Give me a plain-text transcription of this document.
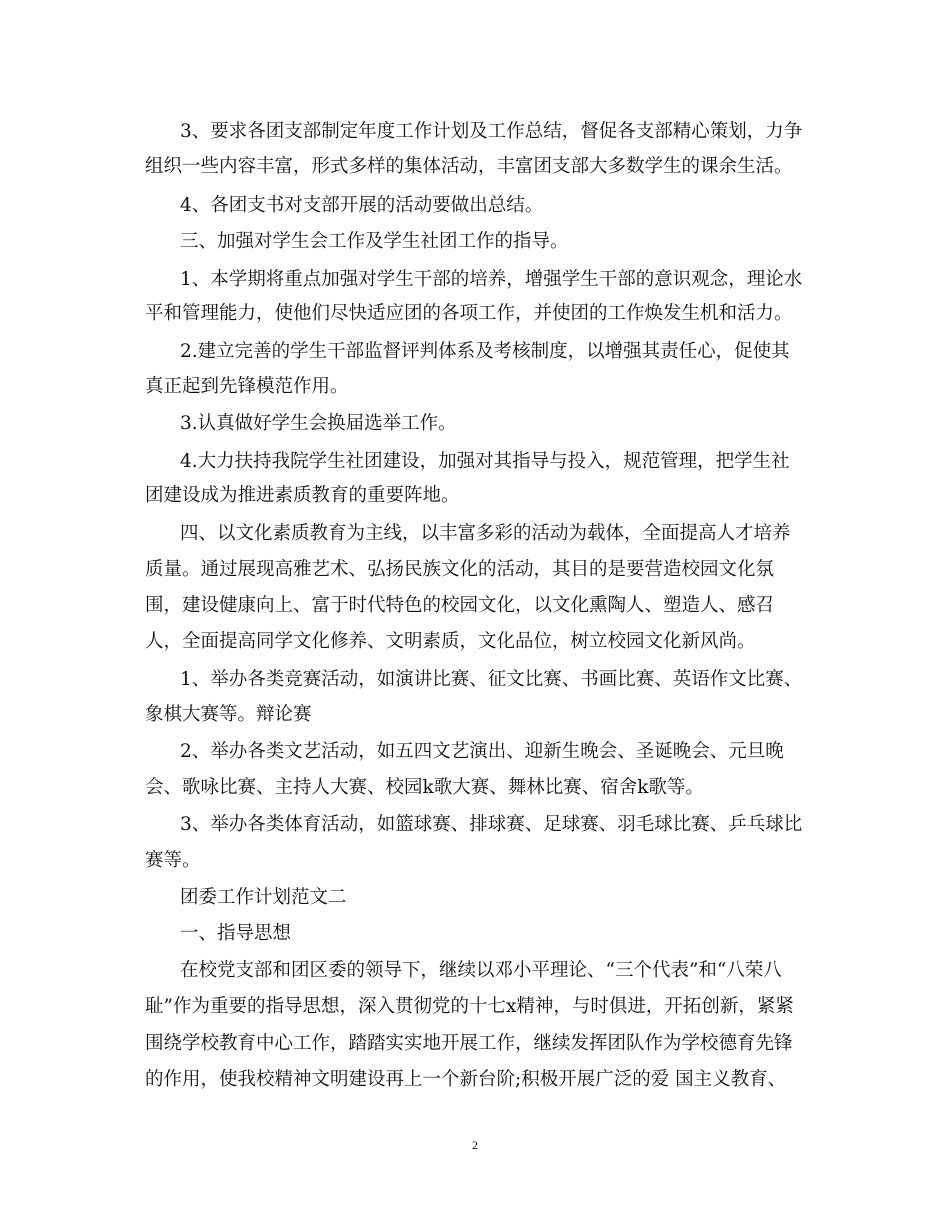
3、要求各团支部制定年度工作计划及工作总结，督促各支部精心策划，力争
组织一些内容丰富，形式多样的集体活动，丰富团支部大多数学生的课余生活。
4、各团支书对支部开展的活动要做出总结。
三、加强对学生会工作及学生社团工作的指导。
1、本学期将重点加强对学生干部的培养，增强学生干部的意识观念，理论水
平和管理能力，使他们尽快适应团的各项工作，并使团的工作焕发生机和活力。
2.建立完善的学生干部监督评判体系及考核制度，以增强其责任心，促使其
真正起到先锋模范作用。
3.认真做好学生会换届选举工作。
4.大力扶持我院学生社团建设，加强对其指导与投入，规范管理，把学生社
团建设成为推进素质教育的重要阵地。
四、以文化素质教育为主线，以丰富多彩的活动为载体，全面提高人才培养
质量。通过展现高雅艺术、弘扬民族文化的活动，其目的是要营造校园文化氛
围，建设健康向上、富于时代特色的校园文化，以文化熏陶人、塑造人、感召
人，全面提高同学文化修养、文明素质，文化品位，树立校园文化新风尚。
1、举办各类竞赛活动，如演讲比赛、征文比赛、书画比赛、英语作文比赛、
象棋大赛等。辩论赛
2、举办各类文艺活动，如五四文艺演出、迎新生晚会、圣诞晚会、元旦晚
会、歌咏比赛、主持人大赛、校园k歌大赛、舞林比赛、宿舍k歌等。
3、举办各类体育活动，如篮球赛、排球赛、足球赛、羽毛球比赛、乒乓球比
赛等。
团委工作计划范文二
一、指导思想
在校党支部和团区委的领导下，继续以邓小平理论、“三个代表”和“八荣八
耻”作为重要的指导思想，深入贯彻党的十七x精神，与时俱进，开拓创新，紧紧
围绕学校教育中心工作，踏踏实实地开展工作，继续发挥团队作为学校德育先锋
的作用，使我校精神文明建设再上一个新台阶;积极开展广泛的爱 国主义教育、
2
